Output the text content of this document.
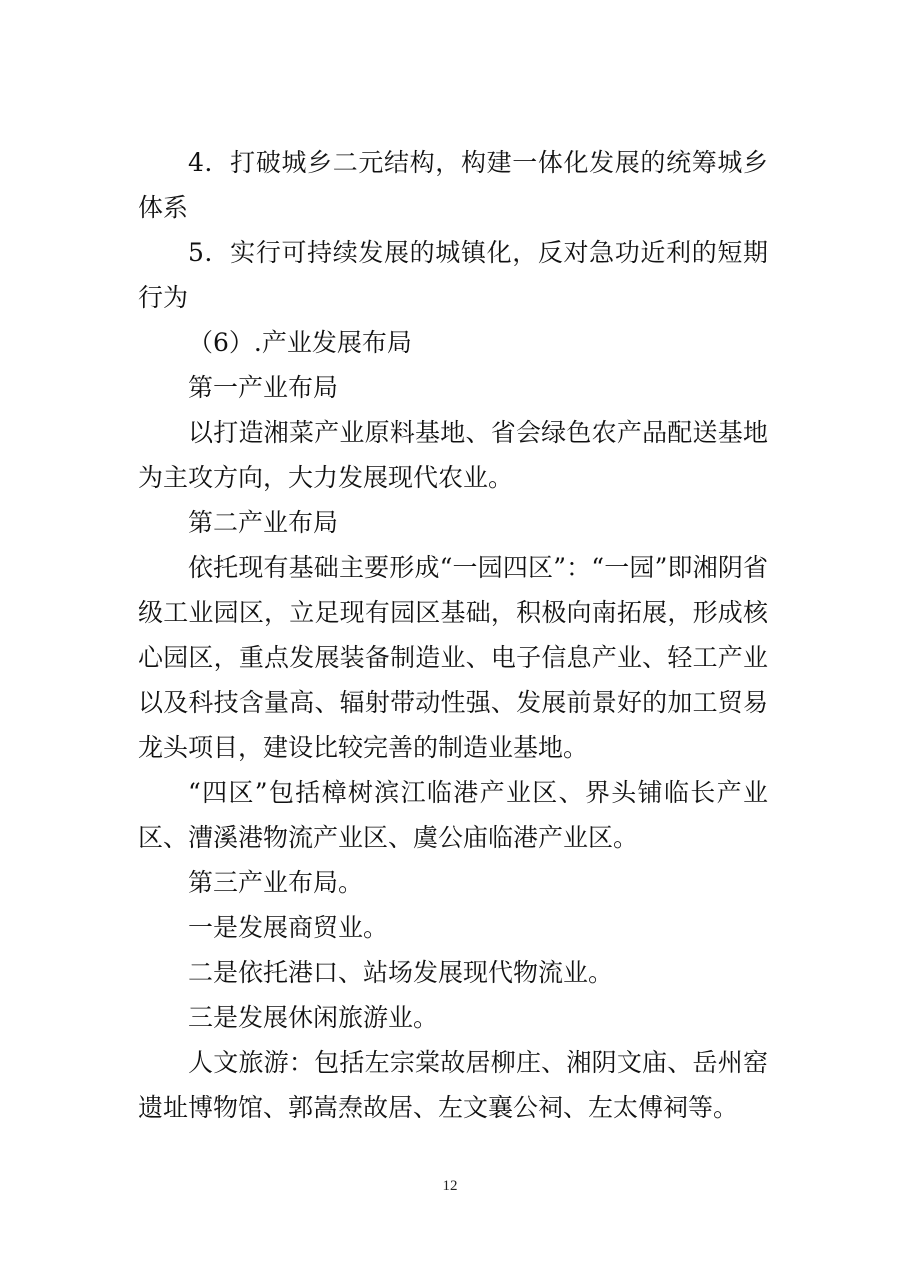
4．打破城乡二元结构，构建一体化发展的统筹城乡体系

5．实行可持续发展的城镇化，反对急功近利的短期行为

（6）.产业发展布局

第一产业布局

以打造湘菜产业原料基地、省会绿色农产品配送基地为主攻方向，大力发展现代农业。

第二产业布局

依托现有基础主要形成“一园四区”：“一园”即湘阴省级工业园区，立足现有园区基础，积极向南拓展，形成核心园区，重点发展装备制造业、电子信息产业、轻工产业以及科技含量高、辐射带动性强、发展前景好的加工贸易龙头项目，建设比较完善的制造业基地。

“四区”包括樟树滨江临港产业区、界头铺临长产业区、漕溪港物流产业区、虞公庙临港产业区。

第三产业布局。

一是发展商贸业。

二是依托港口、站场发展现代物流业。

三是发展休闲旅游业。

人文旅游：包括左宗棠故居柳庄、湘阴文庙、岳州窑遗址博物馆、郭嵩焘故居、左文襄公祠、左太傅祠等。

12
